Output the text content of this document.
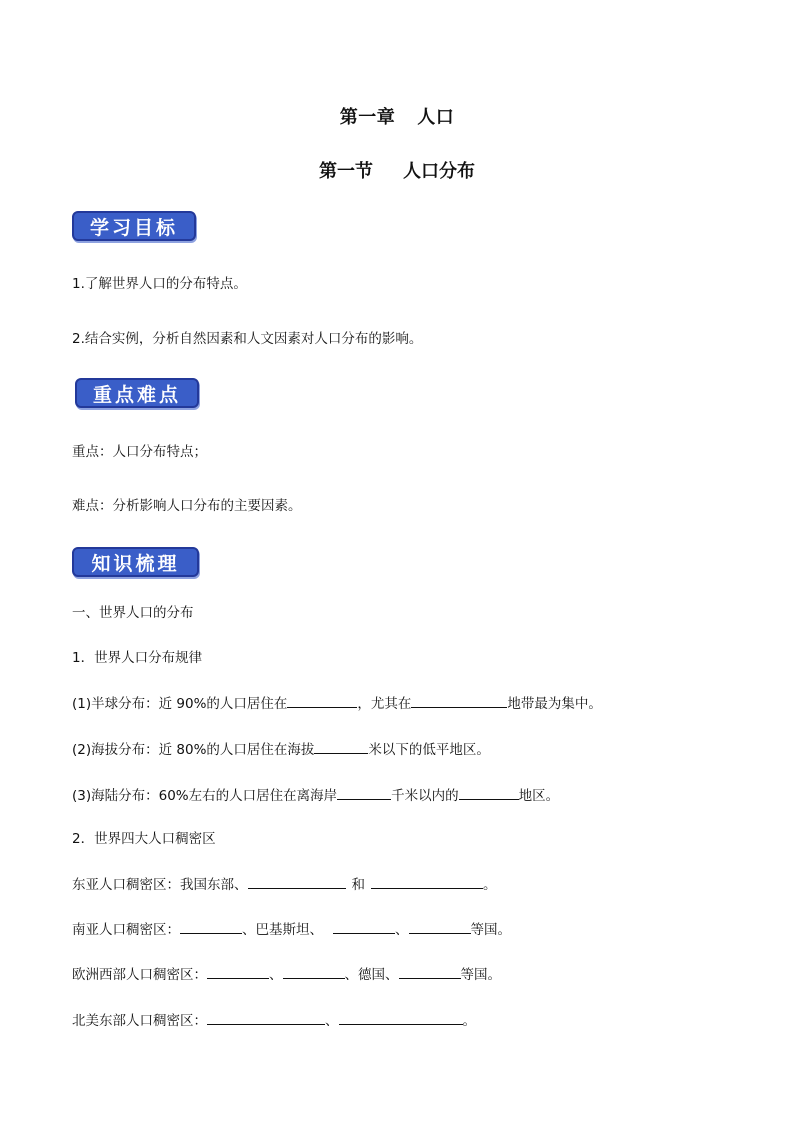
第一章 人口
第一节 人口分布
学习目标
1.了解世界人口的分布特点。
2.结合实例，分析自然因素和人文因素对人口分布的影响。
重点难点
重点：人口分布特点；
难点：分析影响人口分布的主要因素。
知识梳理
一、世界人口的分布
1．世界人口分布规律
(1)半球分布：近 90%的人口居住在	，尤其在	地带最为集中。
(2)海拔分布：近 80%的人口居住在海拔	米以下的低平地区。
(3)海陆分布：60%左右的人口居住在离海岸	千米以内的	地区。
2．世界四大人口稠密区
东亚人口稠密区：我国东部、	和	。
南亚人口稠密区：	、巴基斯坦、	、	等国。
欧洲西部人口稠密区：	、	、德国、	等国。
北美东部人口稠密区：	、	。
